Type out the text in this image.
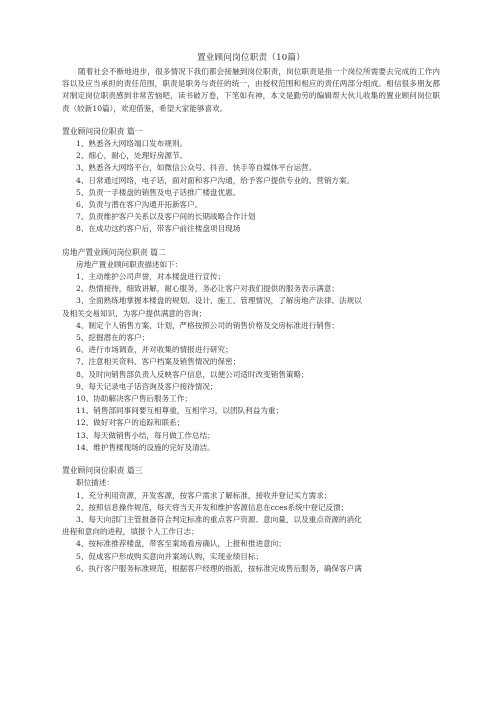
置业顾问岗位职责（10篇）

随着社会不断地进步，很多情况下我们都会接触到岗位职责，岗位职责是指一个岗位所需要去完成的工作内容以及应当承担的责任范围，职责是职务与责任的统一，由授权范围和相应的责任两部分组成。相信很多朋友都对制定岗位职责感到非常苦恼吧，读书破万卷，下笔如有神，本文是勤劳的编辑帮大伙儿收集的置业顾问岗位职责（较新10篇），欢迎借鉴，希望大家能够喜欢。

置业顾问岗位职责 篇一

1、熟悉各大网络端口发布规则。

2、细心，耐心，处理好房源节。

3、熟悉各大网络平台，如微信公众号、抖音、快手等自媒体平台运营。

4、日常通过网络，电子话，面对面和客户沟通，给予客户提供专业的。营销方案。

5、负责一手楼盘的销售及电子话推广楼盘优惠。

6、负责与潜在客户沟通开拓新客户。

7、负责维护客户关系以及客户间的长期战略合作计划

8、在成功这约客户后，带客户前往楼盘项目现场

房地产置业顾问岗位职责 篇二

房地产置业顾问职责描述如下：

1、主动维护公司声誉，对本楼盘进行宣传；

2、热情接待，细致讲解，耐心服务，务必让客户对我们提供的服务表示满意；

3、全面熟练地掌握本楼盘的规划、设计、施工、管理情况，了解房地产法律、法规以

及相关交易知识，为客户提供满意的咨询；

4、制定个人销售方案、计划，严格按照公司的销售价格及交房标准进行销售；

5、挖掘潜在的客户；

6、进行市场调查，并对收集的情报进行研究；

7、注意相关资料、客户档案及销售情况的保密；

8、及时向销售部负责人反映客户信息，以便公司适时改变销售策略；

9、每天记录电子话咨询及客户接待情况；

10、协助解决客户售后服务工作；

11、销售部同事间要互相尊重，互相学习，以团队利益为重；

12、做好对客户的追踪和联系；

13、每天做销售小结，每月做工作总结；

14、维护售楼现场的设施的完好及清洁。

置业顾问岗位职责 篇三

职位描述：

1、充分利用资源，开发客源，按客户需求了解标准，接收并登记买方需求；

2、按照信息操作规范，每天将当天开发和维护客源信息在cces系统中登记反馈；

3、每天向部门主管报备符合判定标准的重点客户资源、意向量，以及重点资源的消化

进程和意向的进程，填报个人工作日志；

4、按标准推荐楼盘，带客至案场看房确认，上报和推进意向；

5、促成客户形成购买意向并案场认购，实现业绩目标；

6、执行客户服务标准规范，根据客户经理的指派，按标准完成售后服务，确保客户满
